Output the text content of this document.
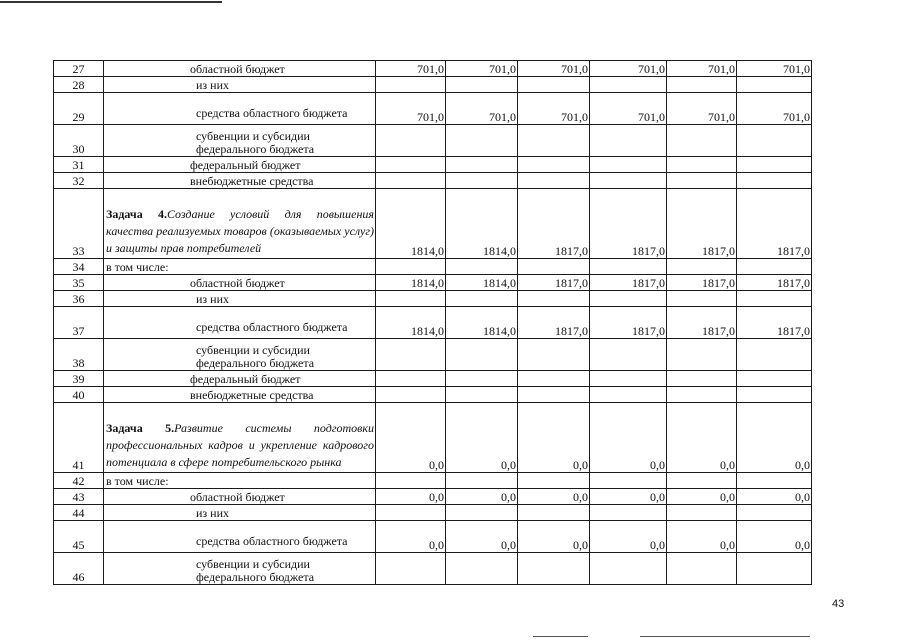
27	областной бюджет	701,0	701,0	701,0	701,0	701,0	701,0
28	из них						

29	средства областного бюджета	701,0	701,0	701,0	701,0	701,0	701,0
30	субвенции и субсидии федерального бюджета						

31	федеральный бюджет						

32	внебюджетные средства						

33	Задача 4.Создание условий для повышения качества реализуемых товаров (оказываемых услуг) и защиты прав потребителей	1814,0	1814,0	1817,0	1817,0	1817,0	1817,0
34	в том числе:						

35	областной бюджет	1814,0	1814,0	1817,0	1817,0	1817,0	1817,0
36	из них						

37	средства областного бюджета	1814,0	1814,0	1817,0	1817,0	1817,0	1817,0
38	субвенции и субсидии федерального бюджета						

39	федеральный бюджет						

40	внебюджетные средства						

41	Задача 5.Развитие системы подготовки профессиональных кадров и укрепление кадрового потенциала в сфере потребительского рынка	0,0	0,0	0,0	0,0	0,0	0,0
42	в том числе:						

43	областной бюджет	0,0	0,0	0,0	0,0	0,0	0,0
44	из них						

45	средства областного бюджета	0,0	0,0	0,0	0,0	0,0	0,0
46	субвенции и субсидии федерального бюджета						

43
